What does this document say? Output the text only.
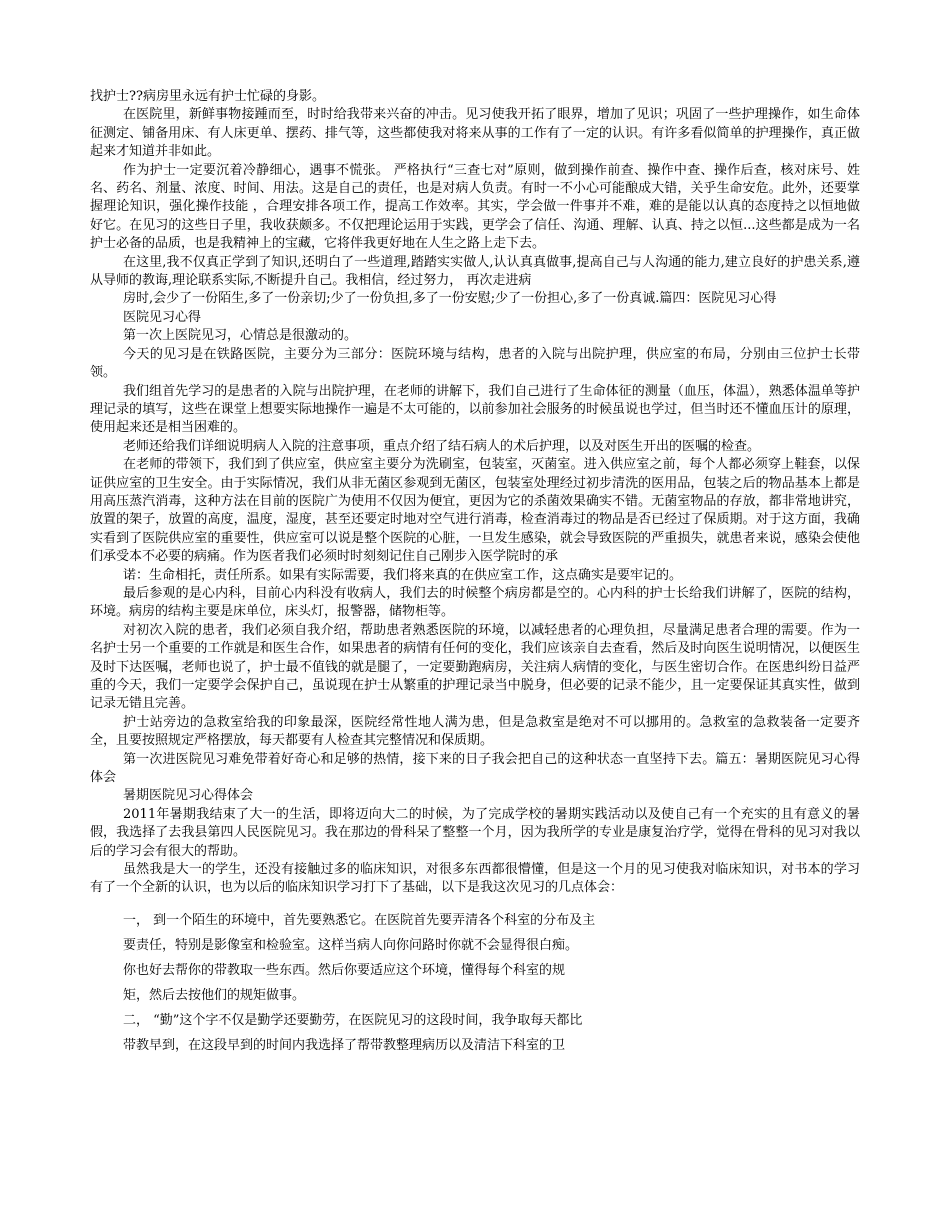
找护士??病房里永远有护士忙碌的身影。

在医院里，新鲜事物接踵而至，时时给我带来兴奋的冲击。见习使我开拓了眼界，增加了见识；巩固了一些护理操作，如生命体征测定、铺备用床、有人床更单、摆药、排气等，这些都使我对将来从事的工作有了一定的认识。有许多看似简单的护理操作，真正做起来才知道并非如此。

作为护士一定要沉着冷静细心，遇事不慌张。 严格执行“三查七对”原则，做到操作前查、操作中查、操作后查，核对床号、姓名、药名、剂量、浓度、时间、用法。这是自己的责任，也是对病人负责。有时一不小心可能酿成大错，关乎生命安危。此外，还要掌握理论知识，强化操作技能 ，合理安排各项工作，提高工作效率。其实，学会做一件事并不难，难的是能以认真的态度持之以恒地做好它。在见习的这些日子里，我收获颇多。不仅把理论运用于实践，更学会了信任、沟通、理解、认真、持之以恒...这些都是成为一名护士必备的品质，也是我精神上的宝藏，它将伴我更好地在人生之路上走下去。

在这里,我不仅真正学到了知识,还明白了一些道理,踏踏实实做人,认认真真做事,提高自己与人沟通的能力,建立良好的护患关系,遵从导师的教诲,理论联系实际,不断提升自己。我相信，经过努力， 再次走进病

房时,会少了一份陌生,多了一份亲切;少了一份负担,多了一份安慰;少了一份担心,多了一份真诚.篇四：医院见习心得

医院见习心得

第一次上医院见习，心情总是很激动的。

今天的见习是在铁路医院，主要分为三部分：医院环境与结构，患者的入院与出院护理，供应室的布局，分别由三位护士长带领。

我们组首先学习的是患者的入院与出院护理，在老师的讲解下，我们自己进行了生命体征的测量（血压，体温），熟悉体温单等护理记录的填写，这些在课堂上想要实际地操作一遍是不太可能的，以前参加社会服务的时候虽说也学过，但当时还不懂血压计的原理，使用起来还是相当困难的。

老师还给我们详细说明病人入院的注意事项，重点介绍了结石病人的术后护理，以及对医生开出的医嘱的检查。

在老师的带领下，我们到了供应室，供应室主要分为洗刷室，包装室，灭菌室。进入供应室之前，每个人都必须穿上鞋套，以保证供应室的卫生安全。由于实际情况，我们从非无菌区参观到无菌区，包装室处理经过初步清洗的医用品，包装之后的物品基本上都是用高压蒸汽消毒，这种方法在目前的医院广为使用不仅因为便宜，更因为它的杀菌效果确实不错。无菌室物品的存放，都非常地讲究，放置的架子，放置的高度，温度，湿度，甚至还要定时地对空气进行消毒，检查消毒过的物品是否已经过了保质期。对于这方面，我确实看到了医院供应室的重要性，供应室可以说是整个医院的心脏，一旦发生感染，就会导致医院的严重损失，就患者来说，感染会使他们承受本不必要的病痛。作为医者我们必须时时刻刻记住自己刚步入医学院时的承

诺：生命相托，责任所系。如果有实际需要，我们将来真的在供应室工作，这点确实是要牢记的。

最后参观的是心内科，目前心内科没有收病人，我们去的时候整个病房都是空的。心内科的护士长给我们讲解了，医院的结构，环境。病房的结构主要是床单位，床头灯，报警器，储物柜等。

对初次入院的患者，我们必须自我介绍，帮助患者熟悉医院的环境，以减轻患者的心理负担，尽量满足患者合理的需要。作为一名护士另一个重要的工作就是和医生合作，如果患者的病情有任何的变化，我们应该亲自去查看，然后及时向医生说明情况，以便医生及时下达医嘱，老师也说了，护士最不值钱的就是腿了，一定要勤跑病房，关注病人病情的变化，与医生密切合作。在医患纠纷日益严重的今天，我们一定要学会保护自己，虽说现在护士从繁重的护理记录当中脱身，但必要的记录不能少，且一定要保证其真实性，做到记录无错且完善。

护士站旁边的急救室给我的印象最深，医院经常性地人满为患，但是急救室是绝对不可以挪用的。急救室的急救装备一定要齐全，且要按照规定严格摆放，每天都要有人检查其完整情况和保质期。

第一次进医院见习难免带着好奇心和足够的热情，接下来的日子我会把自己的这种状态一直坚持下去。篇五：暑期医院见习心得体会

暑期医院见习心得体会

2011年暑期我结束了大一的生活，即将迈向大二的时候，为了完成学校的暑期实践活动以及使自己有一个充实的且有意义的暑假，我选择了去我县第四人民医院见习。我在那边的骨科呆了整整一个月，因为我所学的专业是康复治疗学，觉得在骨科的见习对我以后的学习会有很大的帮助。

虽然我是大一的学生，还没有接触过多的临床知识，对很多东西都很懵懂，但是这一个月的见习使我对临床知识，对书本的学习有了一个全新的认识，也为以后的临床知识学习打下了基础，以下是我这次见习的几点体会：

一， 到一个陌生的环境中，首先要熟悉它。在医院首先要弄清各个科室的分布及主

要责任，特别是影像室和检验室。这样当病人向你问路时你就不会显得很白痴。

你也好去帮你的带教取一些东西。然后你要适应这个环境，懂得每个科室的规

矩，然后去按他们的规矩做事。

二， “勤”这个字不仅是勤学还要勤劳，在医院见习的这段时间，我争取每天都比

带教早到，在这段早到的时间内我选择了帮带教整理病历以及清洁下科室的卫
